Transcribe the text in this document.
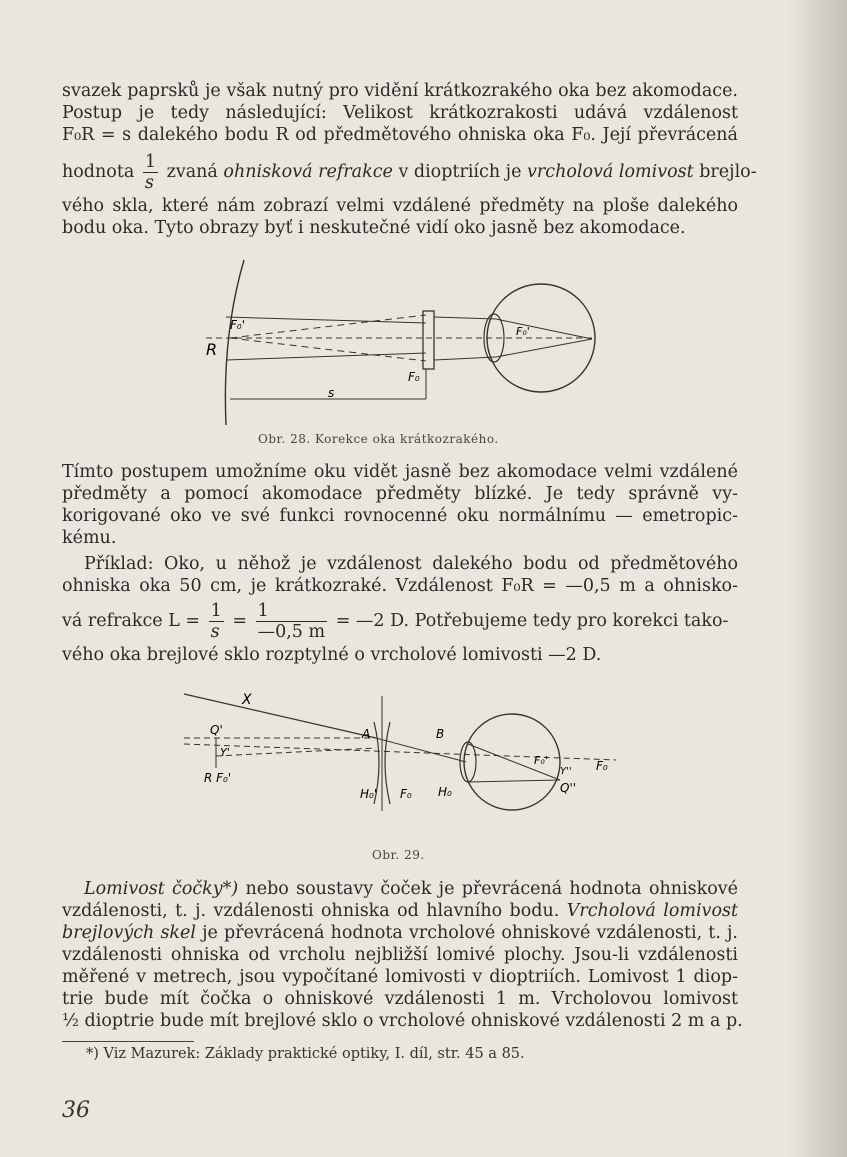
svazek paprsků je však nutný pro vidění krátkozrakého oka bez akomodace.
Postup je tedy následující: Velikost krátkozrakosti udává vzdálenost
F₀R = s dalekého bodu R od předmětového ohniska oka F₀. Její převrácená
hodnota $\frac{1}{s}$ zvaná ohnisková refrakce v dioptriích je vrcholová lomivost brejlo-
vého skla, které nám zobrazí velmi vzdálené předměty na ploše dalekého
bodu oka. Tyto obrazy byť i neskutečné vidí oko jasně bez akomodace.
R
F₀'
F₀
s
F₀'
Obr. 28. Korekce oka krátkozrakého.
Tímto postupem umožníme oku vidět jasně bez akomodace velmi vzdálené
předměty a pomocí akomodace předměty blízké. Je tedy správně vy-
korigované oko ve své funkci rovnocenné oku normálnímu — emetropic-
kému.
Příklad: Oko, u něhož je vzdálenost dalekého bodu od předmětového
ohniska oka 50 cm, je krátkozraké. Vzdálenost F₀R = —0,5 m a ohnisko-
vá refrakce $L = \frac{1}{s} = \frac{1}{—0,5 m}$ = —2 D. Potřebujeme tedy pro korekci tako-
vého oka brejlové sklo rozptylné o vrcholové lomivosti —2 D.
X
Q'
Y'
R F₀'
A	B
H₀' F₀ H₀
F₀'
Y'' F₀
Q''
Obr. 29.
Lomivost čočky*) nebo soustavy čoček je převrácená hodnota ohniskové
vzdálenosti, t. j. vzdálenosti ohniska od hlavního bodu. Vrcholová lomivost
brejlových skel je převrácená hodnota vrcholové ohniskové vzdálenosti, t. j.
vzdálenosti ohniska od vrcholu nejbližší lomivé plochy. Jsou-li vzdálenosti
měřené v metrech, jsou vypočítané lomivosti v dioptriích. Lomivost 1 diop-
trie bude mít čočka o ohniskové vzdálenosti 1 m. Vrcholovou lomivost
½ dioptrie bude mít brejlové sklo o vrcholové ohniskové vzdálenosti 2 m a p.
*) Viz Mazurek: Základy praktické optiky, I. díl, str. 45 a 85.
36
